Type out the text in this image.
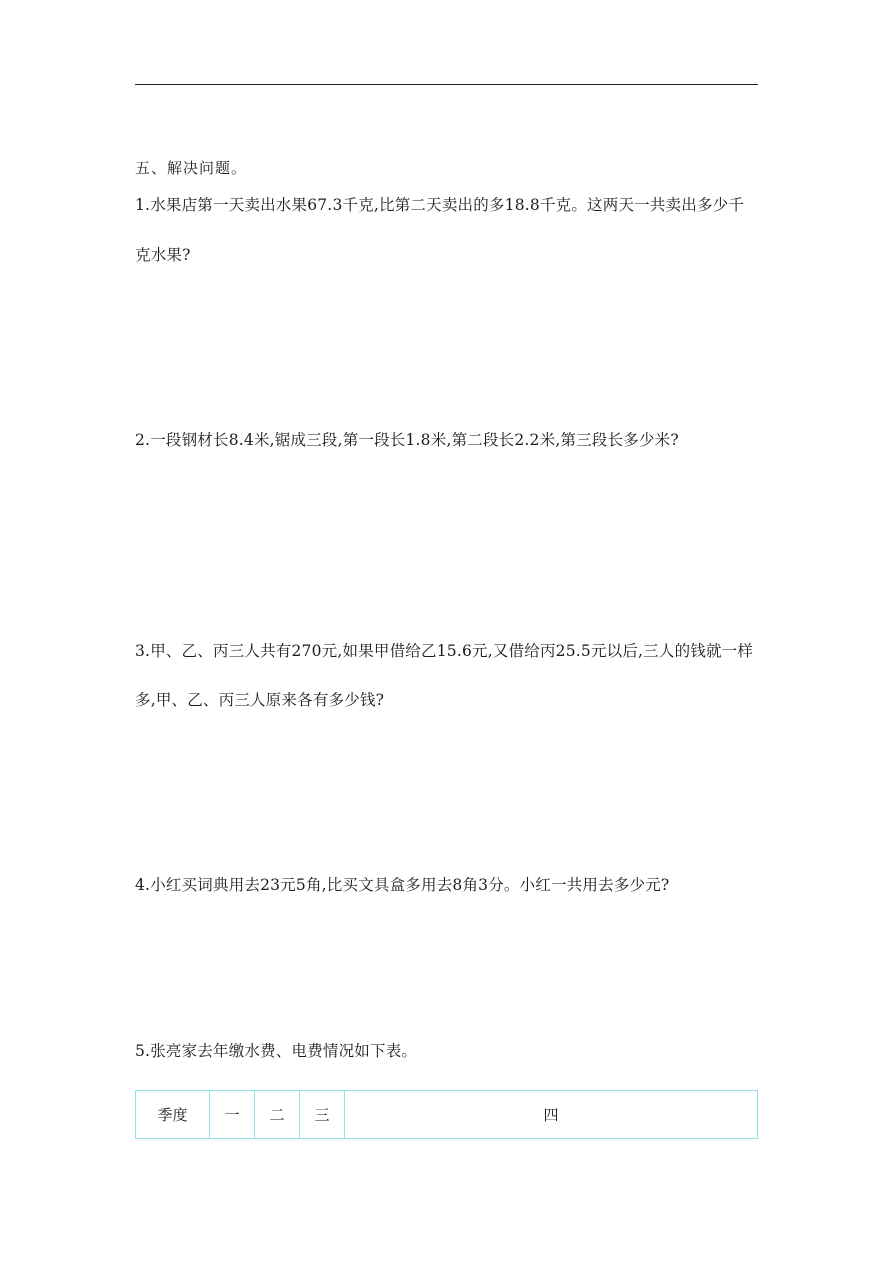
五、解决问题。
1.水果店第一天卖出水果67.3千克,比第二天卖出的多18.8千克。这两天一共卖出多少千
克水果?
2.一段钢材长8.4米,锯成三段,第一段长1.8米,第二段长2.2米,第三段长多少米?
3.甲、乙、丙三人共有270元,如果甲借给乙15.6元,又借给丙25.5元以后,三人的钱就一样
多,甲、乙、丙三人原来各有多少钱?
4.小红买词典用去23元5角,比买文具盒多用去8角3分。小红一共用去多少元?
5.张亮家去年缴水费、电费情况如下表。
季度	一	二	三	四
